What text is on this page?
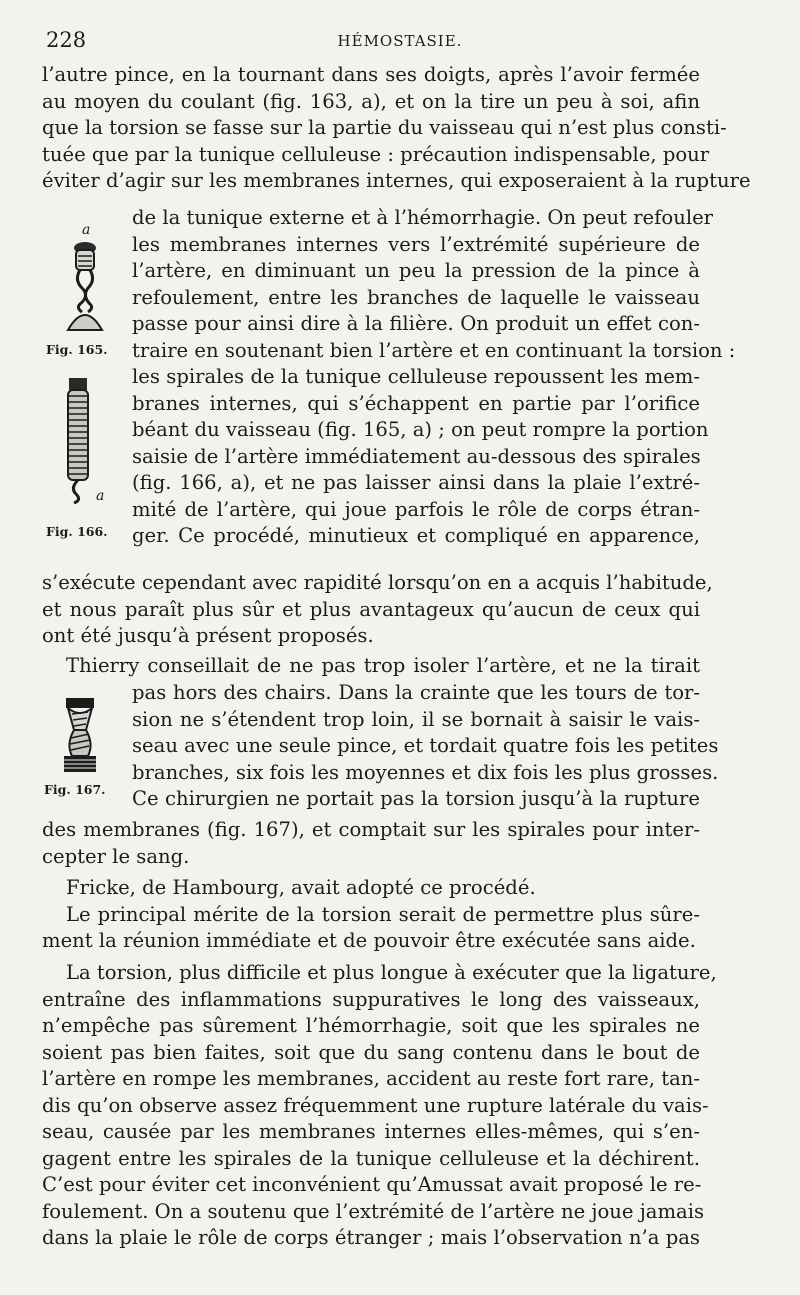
228	HÉMOSTASIE.
l’autre pince, en la tournant dans ses doigts, après l’avoir fermée
au moyen du coulant (fig. 163, a), et on la tire un peu à soi, afin
que la torsion se fasse sur la partie du vaisseau qui n’est plus consti-
tuée que par la tunique celluleuse : précaution indispensable, pour
éviter d’agir sur les membranes internes, qui exposeraient à la rupture
a
Fig. 165.
a
Fig. 166.
de la tunique externe et à l’hémorrhagie. On peut refouler
les membranes internes vers l’extrémité supérieure de
l’artère, en diminuant un peu la pression de la pince à
refoulement, entre les branches de laquelle le vaisseau
passe pour ainsi dire à la filière. On produit un effet con-
traire en soutenant bien l’artère et en continuant la torsion :
les spirales de la tunique celluleuse repoussent les mem-
branes internes, qui s’échappent en partie par l’orifice
béant du vaisseau (fig. 165, a) ; on peut rompre la portion
saisie de l’artère immédiatement au-dessous des spirales
(fig. 166, a), et ne pas laisser ainsi dans la plaie l’extré-
mité de l’artère, qui joue parfois le rôle de corps étran-
ger. Ce procédé, minutieux et compliqué en apparence,
s’exécute cependant avec rapidité lorsqu’on en a acquis l’habitude,
et nous paraît plus sûr et plus avantageux qu’aucun de ceux qui
ont été jusqu’à présent proposés.
Thierry conseillait de ne pas trop isoler l’artère, et ne la tirait
Fig. 167.
pas hors des chairs. Dans la crainte que les tours de tor-
sion ne s’étendent trop loin, il se bornait à saisir le vais-
seau avec une seule pince, et tordait quatre fois les petites
branches, six fois les moyennes et dix fois les plus grosses.
Ce chirurgien ne portait pas la torsion jusqu’à la rupture
des membranes (fig. 167), et comptait sur les spirales pour inter-
cepter le sang.
Fricke, de Hambourg, avait adopté ce procédé.
Le principal mérite de la torsion serait de permettre plus sûre-
ment la réunion immédiate et de pouvoir être exécutée sans aide.
La torsion, plus difficile et plus longue à exécuter que la ligature,
entraîne des inflammations suppuratives le long des vaisseaux,
n’empêche pas sûrement l’hémorrhagie, soit que les spirales ne
soient pas bien faites, soit que du sang contenu dans le bout de
l’artère en rompe les membranes, accident au reste fort rare, tan-
dis qu’on observe assez fréquemment une rupture latérale du vais-
seau, causée par les membranes internes elles-mêmes, qui s’en-
gagent entre les spirales de la tunique celluleuse et la déchirent.
C’est pour éviter cet inconvénient qu’Amussat avait proposé le re-
foulement. On a soutenu que l’extrémité de l’artère ne joue jamais
dans la plaie le rôle de corps étranger ; mais l’observation n’a pas
